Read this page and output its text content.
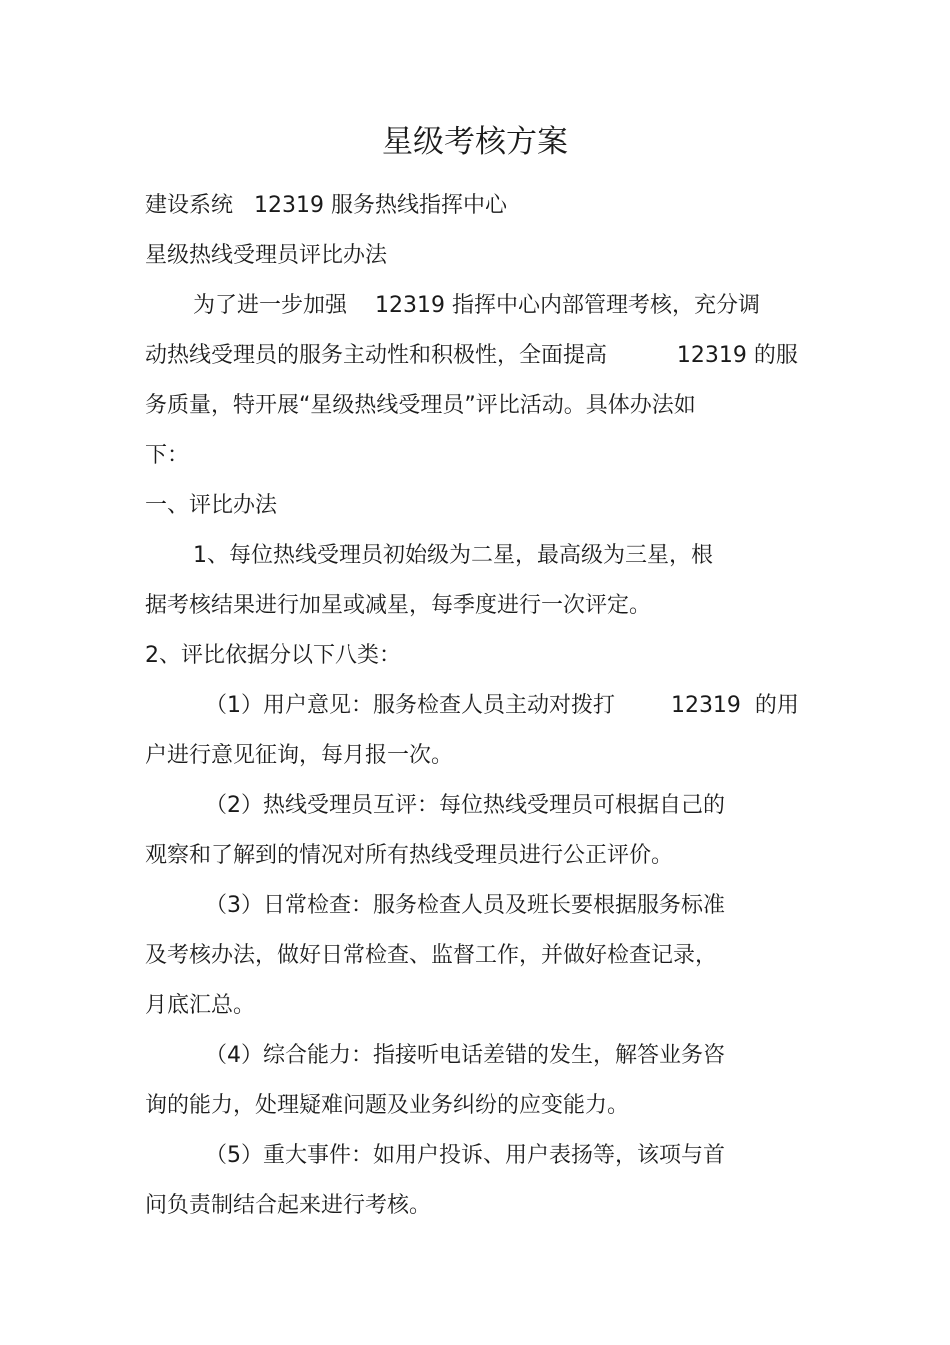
星级考核方案
建设系统   12319 服务热线指挥中心
星级热线受理员评比办法
为了进一步加强    12319 指挥中心内部管理考核，充分调
动热线受理员的服务主动性和积极性，全面提高          12319 的服
务质量，特开展“星级热线受理员”评比活动。具体办法如
下：
一、评比办法
1、每位热线受理员初始级为二星，最高级为三星，根
据考核结果进行加星或减星，每季度进行一次评定。
2、评比依据分以下八类：
（1）用户意见：服务检查人员主动对拨打        12319  的用
户进行意见征询，每月报一次。
（2）热线受理员互评：每位热线受理员可根据自己的
观察和了解到的情况对所有热线受理员进行公正评价。
（3）日常检查：服务检查人员及班长要根据服务标准
及考核办法，做好日常检查、监督工作，并做好检查记录，
月底汇总。
（4）综合能力：指接听电话差错的发生，解答业务咨
询的能力，处理疑难问题及业务纠纷的应变能力。
（5）重大事件：如用户投诉、用户表扬等，该项与首
问负责制结合起来进行考核。
